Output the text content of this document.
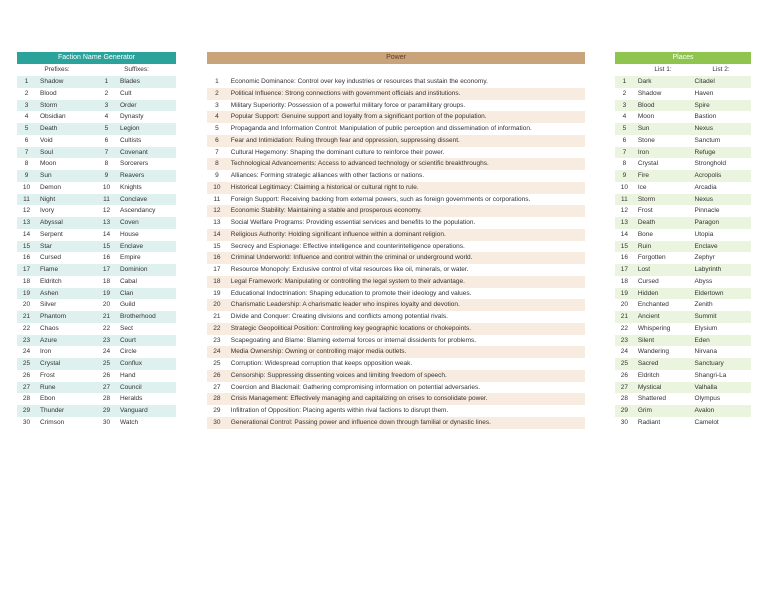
Faction Name Generator
Prefixes:	Suffixes:
1	Shadow	1	Blades
2	Blood	2	Cult
3	Storm	3	Order
4	Obsidian	4	Dynasty
5	Death	5	Legion
6	Void	6	Cultists
7	Soul	7	Covenant
8	Moon	8	Sorcerers
9	Sun	9	Reavers
10	Demon	10	Knights
11	Night	11	Conclave
12	Ivory	12	Ascendancy
13	Abyssal	13	Coven
14	Serpent	14	House
15	Star	15	Enclave
16	Cursed	16	Empire
17	Flame	17	Dominion
18	Eldritch	18	Cabal
19	Ashen	19	Clan
20	Silver	20	Guild
21	Phantom	21	Brotherhood
22	Chaos	22	Sect
23	Azure	23	Court
24	Iron	24	Circle
25	Crystal	25	Conflux
26	Frost	26	Hand
27	Rune	27	Council
28	Ebon	28	Heralds
29	Thunder	29	Vanguard
30	Crimson	30	Watch
Power
1	Economic Dominance: Control over key industries or resources that sustain the economy.
2	Political Influence: Strong connections with government officials and institutions.
3	Military Superiority: Possession of a powerful military force or paramilitary groups.
4	Popular Support: Genuine support and loyalty from a significant portion of the population.
5	Propaganda and Information Control: Manipulation of public perception and dissemination of information.
6	Fear and Intimidation: Ruling through fear and oppression, suppressing dissent.
7	Cultural Hegemony: Shaping the dominant culture to reinforce their power.
8	Technological Advancements: Access to advanced technology or scientific breakthroughs.
9	Alliances: Forming strategic alliances with other factions or nations.
10	Historical Legitimacy: Claiming a historical or cultural right to rule.
11	Foreign Support: Receiving backing from external powers, such as foreign governments or corporations.
12	Economic Stability: Maintaining a stable and prosperous economy.
13	Social Welfare Programs: Providing essential services and benefits to the population.
14	Religious Authority: Holding significant influence within a dominant religion.
15	Secrecy and Espionage: Effective intelligence and counterintelligence operations.
16	Criminal Underworld: Influence and control within the criminal or underground world.
17	Resource Monopoly: Exclusive control of vital resources like oil, minerals, or water.
18	Legal Framework: Manipulating or controlling the legal system to their advantage.
19	Educational Indoctrination: Shaping education to promote their ideology and values.
20	Charismatic Leadership: A charismatic leader who inspires loyalty and devotion.
21	Divide and Conquer: Creating divisions and conflicts among potential rivals.
22	Strategic Geopolitical Position: Controlling key geographic locations or chokepoints.
23	Scapegoating and Blame: Blaming external forces or internal dissidents for problems.
24	Media Ownership: Owning or controlling major media outlets.
25	Corruption: Widespread corruption that keeps opposition weak.
26	Censorship: Suppressing dissenting voices and limiting freedom of speech.
27	Coercion and Blackmail: Gathering compromising information on potential adversaries.
28	Crisis Management: Effectively managing and capitalizing on crises to consolidate power.
29	Infiltration of Opposition: Placing agents within rival factions to disrupt them.
30	Generational Control: Passing power and influence down through familial or dynastic lines.
Places
List 1:	List 2:
1	Dark	Citadel
2	Shadow	Haven
3	Blood	Spire
4	Moon	Bastion
5	Sun	Nexus
6	Stone	Sanctum
7	Iron	Refuge
8	Crystal	Stronghold
9	Fire	Acropolis
10	Ice	Arcadia
11	Storm	Nexus
12	Frost	Pinnacle
13	Death	Paragon
14	Bone	Utopia
15	Ruin	Enclave
16	Forgotten	Zephyr
17	Lost	Labyrinth
18	Cursed	Abyss
19	Hidden	Eldertown
20	Enchanted	Zenith
21	Ancient	Summit
22	Whispering	Elysium
23	Silent	Eden
24	Wandering	Nirvana
25	Sacred	Sanctuary
26	Eldritch	Shangri-La
27	Mystical	Valhalla
28	Shattered	Olympus
29	Grim	Avalon
30	Radiant	Camelot
